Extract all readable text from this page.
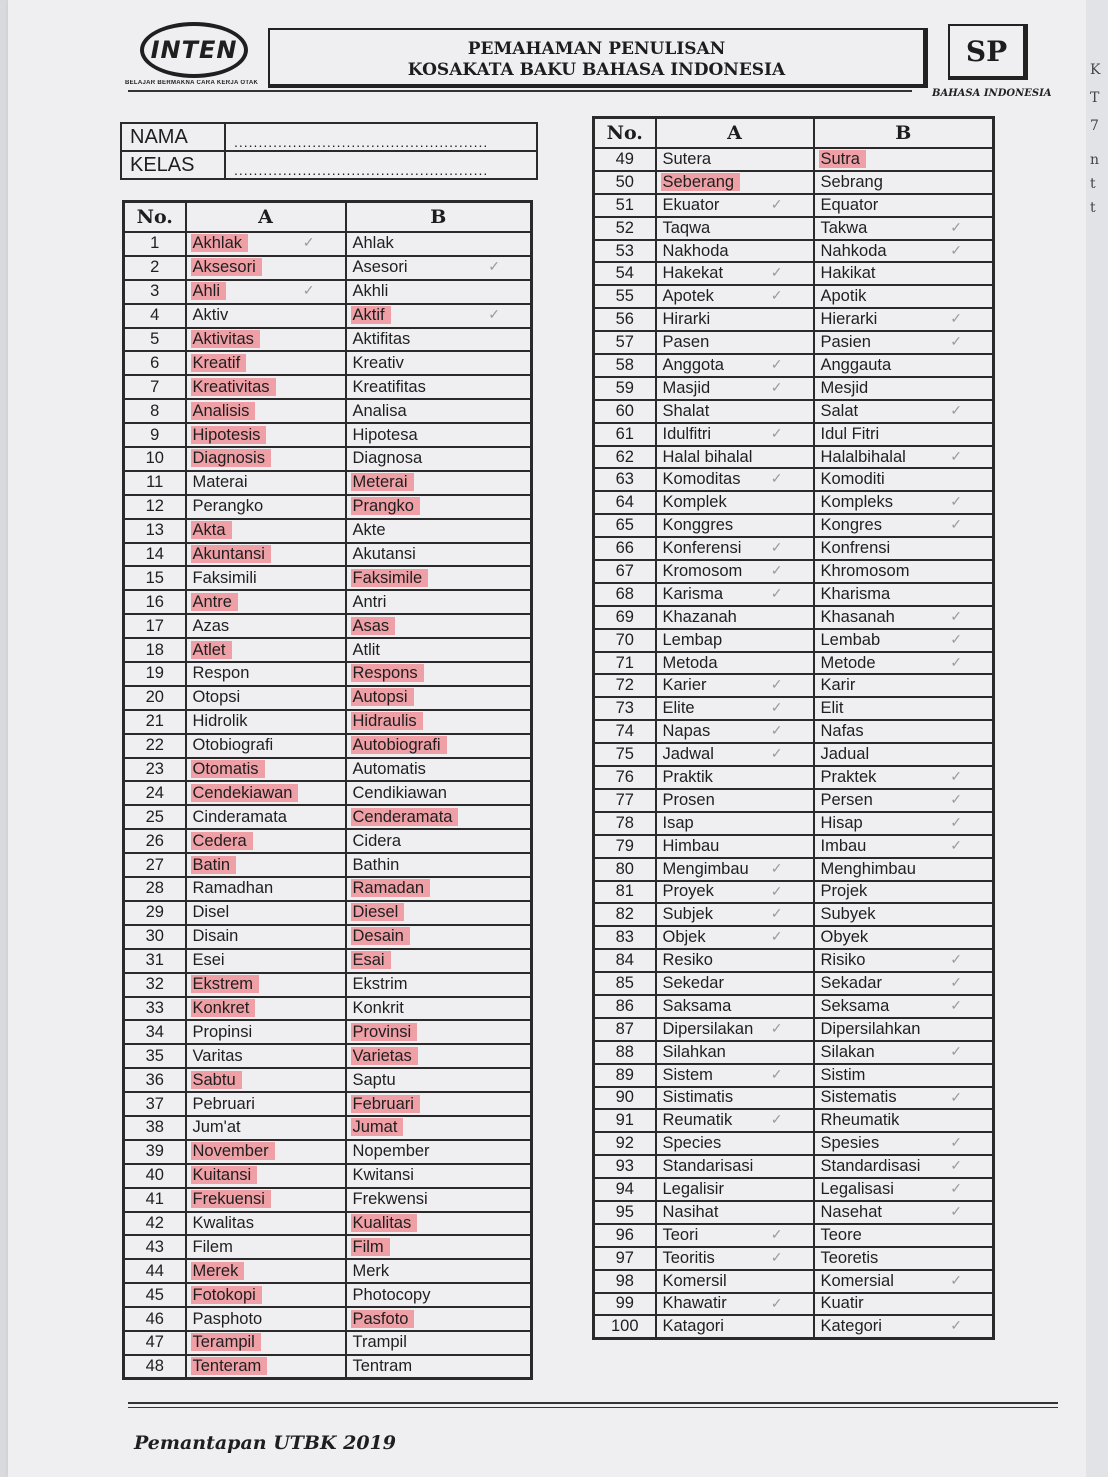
K
T
7
n
t
t
INTEN
BELAJAR BERMAKNA CARA KERJA OTAK
PEMAHAMAN PENULISAN
KOSAKATA BAKU BAHASA INDONESIA
SP
BAHASA INDONESIA
NAMA	....................................................
KELAS	....................................................
No.	A	B
1	Akhlak ✓	Ahlak
2	Aksesori	Asesori ✓
3	Ahli ✓	Akhli
4	Aktiv	Aktif ✓
5	Aktivitas	Aktifitas
6	Kreatif	Kreativ
7	Kreativitas	Kreatifitas
8	Analisis	Analisa
9	Hipotesis	Hipotesa
10	Diagnosis	Diagnosa
11	Materai	Meterai
12	Perangko	Prangko
13	Akta	Akte
14	Akuntansi	Akutansi
15	Faksimili	Faksimile
16	Antre	Antri
17	Azas	Asas
18	Atlet	Atlit
19	Respon	Respons
20	Otopsi	Autopsi
21	Hidrolik	Hidraulis
22	Otobiografi	Autobiografi
23	Otomatis	Automatis
24	Cendekiawan	Cendikiawan
25	Cinderamata	Cenderamata
26	Cedera	Cidera
27	Batin	Bathin
28	Ramadhan	Ramadan
29	Disel	Diesel
30	Disain	Desain
31	Esei	Esai
32	Ekstrem	Ekstrim
33	Konkret	Konkrit
34	Propinsi	Provinsi
35	Varitas	Varietas
36	Sabtu	Saptu
37	Pebruari	Februari
38	Jum'at	Jumat
39	November	Nopember
40	Kuitansi	Kwitansi
41	Frekuensi	Frekwensi
42	Kwalitas	Kualitas
43	Filem	Film
44	Merek	Merk
45	Fotokopi	Photocopy
46	Pasphoto	Pasfoto
47	Terampil	Trampil
48	Tenteram	Tentram
No.	A	B
49	Sutera	Sutra
50	Seberang	Sebrang
51	Ekuator ✓	Equator
52	Taqwa	Takwa ✓
53	Nakhoda	Nahkoda ✓
54	Hakekat ✓	Hakikat
55	Apotek ✓	Apotik
56	Hirarki	Hierarki ✓
57	Pasen	Pasien ✓
58	Anggota ✓	Anggauta
59	Masjid ✓	Mesjid
60	Shalat	Salat ✓
61	Idulfitri ✓	Idul Fitri
62	Halal bihalal	Halalbihalal ✓
63	Komoditas ✓	Komoditi
64	Komplek	Kompleks ✓
65	Konggres	Kongres ✓
66	Konferensi ✓	Konfrensi
67	Kromosom ✓	Khromosom
68	Karisma ✓	Kharisma
69	Khazanah	Khasanah ✓
70	Lembap	Lembab ✓
71	Metoda	Metode ✓
72	Karier ✓	Karir
73	Elite ✓	Elit
74	Napas ✓	Nafas
75	Jadwal ✓	Jadual
76	Praktik	Praktek ✓
77	Prosen	Persen ✓
78	Isap	Hisap ✓
79	Himbau	Imbau ✓
80	Mengimbau ✓	Menghimbau
81	Proyek ✓	Projek
82	Subjek ✓	Subyek
83	Objek ✓	Obyek
84	Resiko	Risiko ✓
85	Sekedar	Sekadar ✓
86	Saksama	Seksama ✓
87	Dipersilakan ✓	Dipersilahkan
88	Silahkan	Silakan ✓
89	Sistem ✓	Sistim
90	Sistimatis	Sistematis ✓
91	Reumatik ✓	Rheumatik
92	Species	Spesies ✓
93	Standarisasi	Standardisasi ✓
94	Legalisir	Legalisasi ✓
95	Nasihat	Nasehat ✓
96	Teori ✓	Teore
97	Teoritis ✓	Teoretis
98	Komersil	Komersial ✓
99	Khawatir ✓	Kuatir
100	Katagori	Kategori ✓
Pemantapan UTBK 2019
